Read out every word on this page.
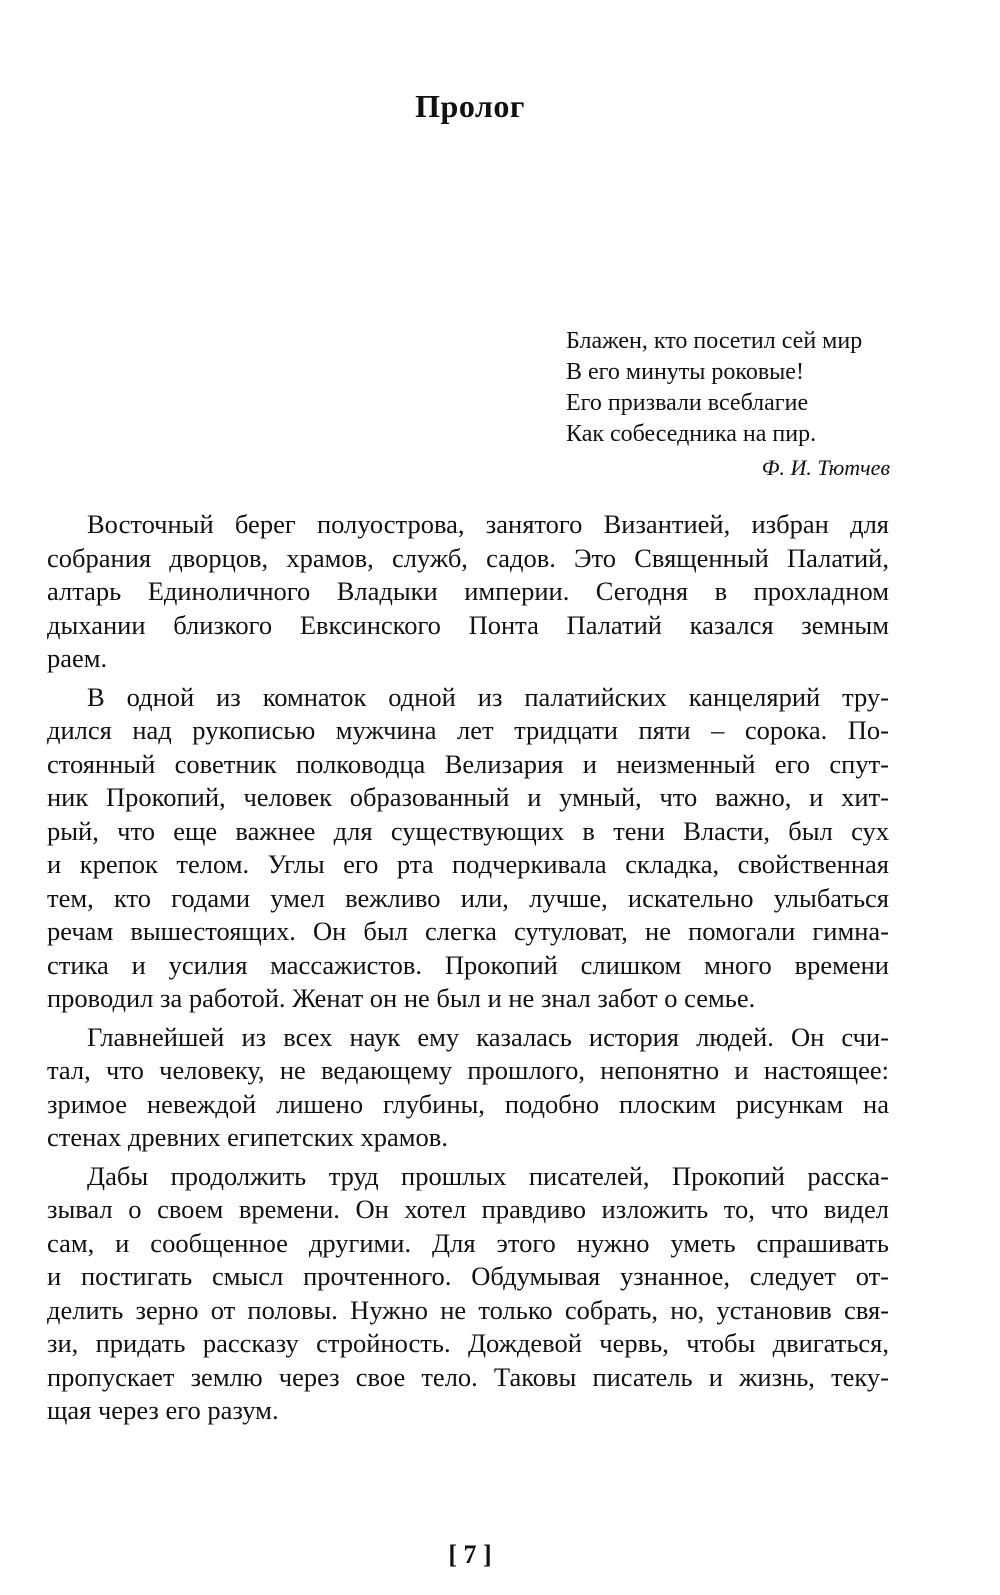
Пролог
Блажен, кто посетил сей мир
В его минуты роковые!
Его призвали всеблагие
Как собеседника на пир.
Ф. И. Тютчев
Восточный берег полуострова, занятого Византией, избран для
собрания дворцов, храмов, служб, садов. Это Священный Палатий,
алтарь Единоличного Владыки империи. Сегодня в прохладном
дыхании близкого Евксинского Понта Палатий казался земным
раем.
В одной из комнаток одной из палатийских канцелярий тру-
дился над рукописью мужчина лет тридцати пяти – сорока. По-
стоянный советник полководца Велизария и неизменный его спут-
ник Прокопий, человек образованный и умный, что важно, и хит-
рый, что еще важнее для существующих в тени Власти, был сух
и крепок телом. Углы его рта подчеркивала складка, свойственная
тем, кто годами умел вежливо или, лучше, искательно улыбаться
речам вышестоящих. Он был слегка сутуловат, не помогали гимна-
стика и усилия массажистов. Прокопий слишком много времени
проводил за работой. Женат он не был и не знал забот о семье.
Главнейшей из всех наук ему казалась история людей. Он счи-
тал, что человеку, не ведающему прошлого, непонятно и настоящее:
зримое невеждой лишено глубины, подобно плоским рисункам на
стенах древних египетских храмов.
Дабы продолжить труд прошлых писателей, Прокопий расска-
зывал о своем времени. Он хотел правдиво изложить то, что видел
сам, и сообщенное другими. Для этого нужно уметь спрашивать
и постигать смысл прочтенного. Обдумывая узнанное, следует от-
делить зерно от половы. Нужно не только собрать, но, установив свя-
зи, придать рассказу стройность. Дождевой червь, чтобы двигаться,
пропускает землю через свое тело. Таковы писатель и жизнь, теку-
щая через его разум.
[ 7 ]
